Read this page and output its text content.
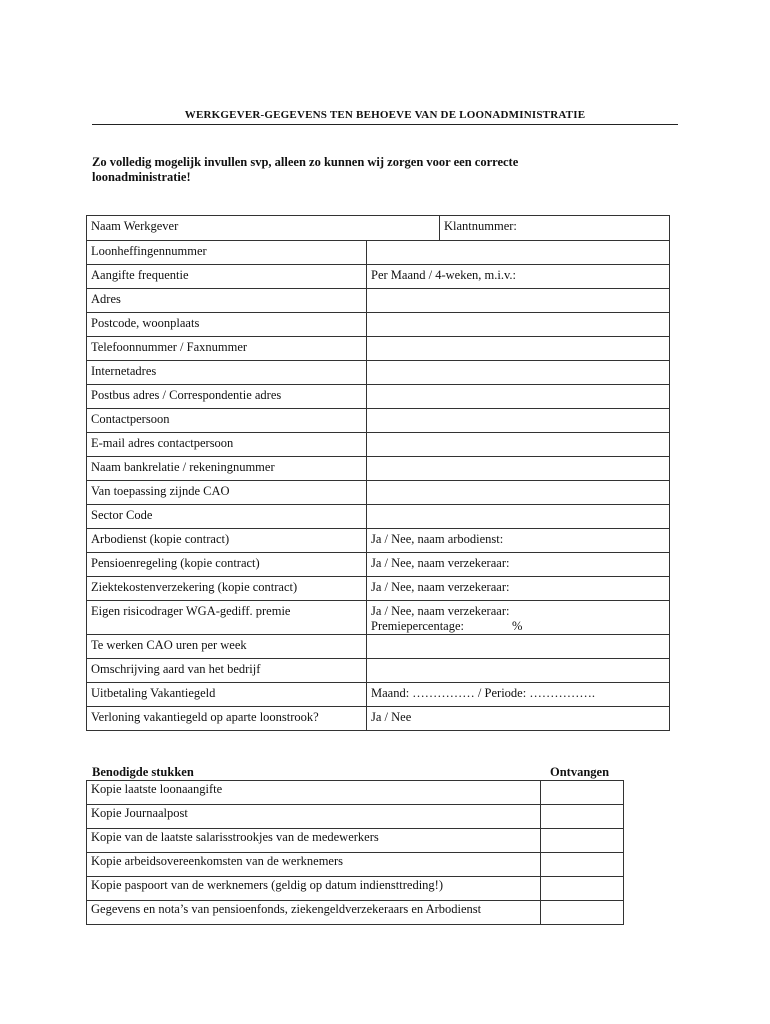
WERKGEVER-GEGEVENS TEN BEHOEVE VAN DE LOONADMINISTRATIE
Zo volledig mogelijk invullen svp, alleen zo kunnen wij zorgen voor een correcte loonadministratie!
Naam Werkgever Klantnummer:	

Loonheffingennummer	
Aangifte frequentie	Per Maand / 4-weken, m.i.v.:
Adres	
Postcode, woonplaats	
Telefoonnummer / Faxnummer	
Internetadres	
Postbus adres / Correspondentie adres	
Contactpersoon	
E-mail adres contactpersoon	
Naam bankrelatie / rekeningnummer	
Van toepassing zijnde CAO	
Sector Code	
Arbodienst (kopie contract)	Ja / Nee, naam arbodienst:
Pensioenregeling (kopie contract)	Ja / Nee, naam verzekeraar:
Ziektekostenverzekering (kopie contract)	Ja / Nee, naam verzekeraar:
Eigen risicodrager WGA-gediff. premie	Ja / Nee, naam verzekeraar:
Premiepercentage: %

Te werken CAO uren per week	
Omschrijving aard van het bedrijf	
Uitbetaling Vakantiegeld	Maand: …………… / Periode: …………….
Verloning vakantiegeld op aparte loonstrook?	Ja / Nee
Benodigde stukken	Ontvangen
Kopie laatste loonaangifte	
Kopie Journaalpost	
Kopie van de laatste salarisstrookjes van de medewerkers	
Kopie arbeidsovereenkomsten van de werknemers	
Kopie paspoort van de werknemers (geldig op datum indiensttreding!)	
Gegevens en nota’s van pensioenfonds, ziekengeldverzekeraars en Arbodienst	
